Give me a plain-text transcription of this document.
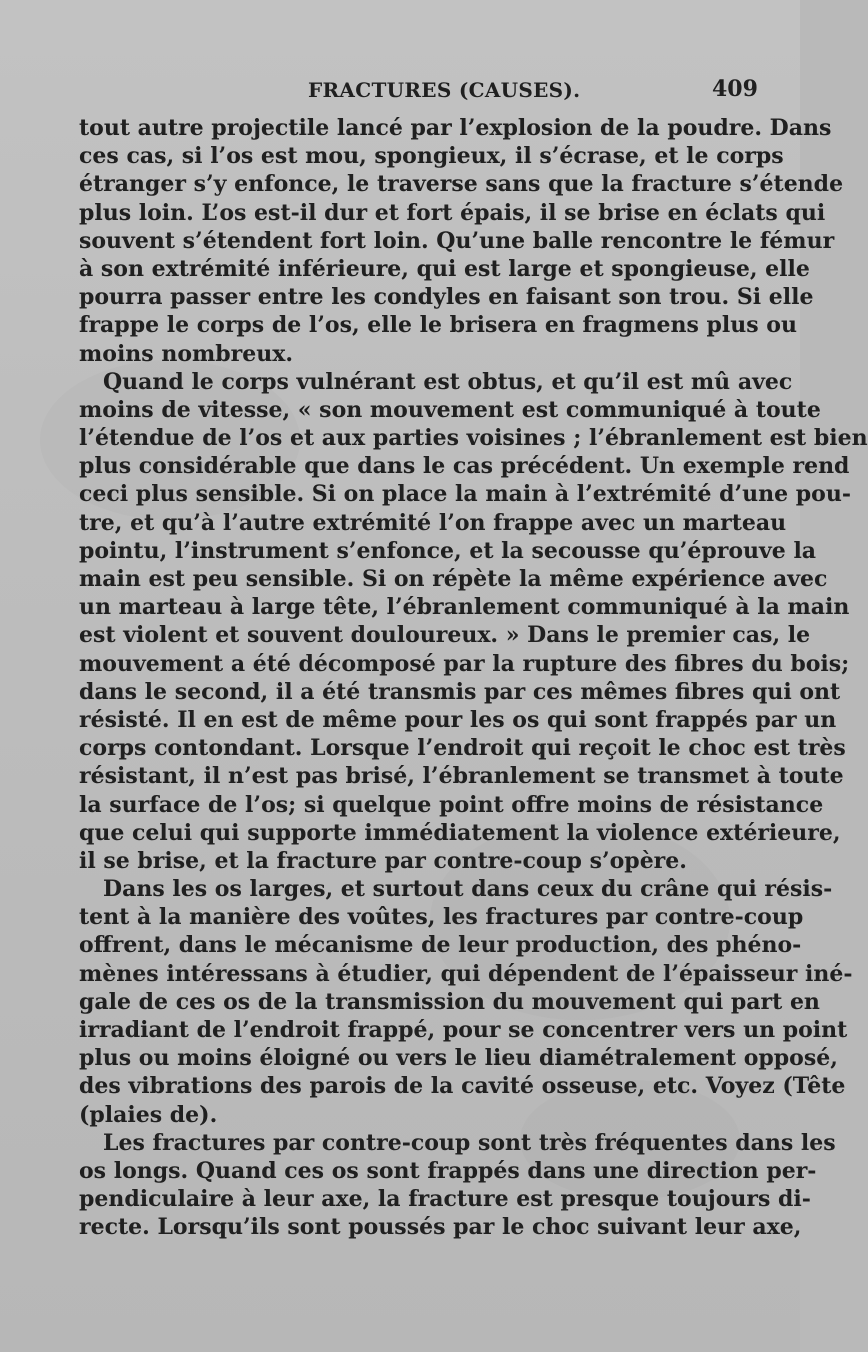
FRACTURES (CAUSES).	409
tout autre projectile lancé par l’explosion de la poudre. Dans
ces cas, si l’os est mou, spongieux, il s’écrase, et le corps
étranger s’y enfonce, le traverse sans que la fracture s’étende
plus loin. L’os est-il dur et fort épais, il se brise en éclats qui
souvent s’étendent fort loin. Qu’une balle rencontre le fémur
à son extrémité inférieure, qui est large et spongieuse, elle
pourra passer entre les condyles en faisant son trou. Si elle
frappe le corps de l’os, elle le brisera en fragmens plus ou
moins nombreux.
Quand le corps vulnérant est obtus, et qu’il est mû avec
moins de vitesse, « son mouvement est communiqué à toute
l’étendue de l’os et aux parties voisines ; l’ébranlement est bien
plus considérable que dans le cas précédent. Un exemple rend
ceci plus sensible. Si on place la main à l’extrémité d’une pou-
tre, et qu’à l’autre extrémité l’on frappe avec un marteau
pointu, l’instrument s’enfonce, et la secousse qu’éprouve la
main est peu sensible. Si on répète la même expérience avec
un marteau à large tête, l’ébranlement communiqué à la main
est violent et souvent douloureux. » Dans le premier cas, le
mouvement a été décomposé par la rupture des fibres du bois;
dans le second, il a été transmis par ces mêmes fibres qui ont
résisté. Il en est de même pour les os qui sont frappés par un
corps contondant. Lorsque l’endroit qui reçoit le choc est très
résistant, il n’est pas brisé, l’ébranlement se transmet à toute
la surface de l’os; si quelque point offre moins de résistance
que celui qui supporte immédiatement la violence extérieure,
il se brise, et la fracture par contre-coup s’opère.
Dans les os larges, et surtout dans ceux du crâne qui résis-
tent à la manière des voûtes, les fractures par contre-coup
offrent, dans le mécanisme de leur production, des phéno-
mènes intéressans à étudier, qui dépendent de l’épaisseur iné-
gale de ces os de la transmission du mouvement qui part en
irradiant de l’endroit frappé, pour se concentrer vers un point
plus ou moins éloigné ou vers le lieu diamétralement opposé,
des vibrations des parois de la cavité osseuse, etc. Voyez (Tête
(plaies de).
Les fractures par contre-coup sont très fréquentes dans les
os longs. Quand ces os sont frappés dans une direction per-
pendiculaire à leur axe, la fracture est presque toujours di-
recte. Lorsqu’ils sont poussés par le choc suivant leur axe,
